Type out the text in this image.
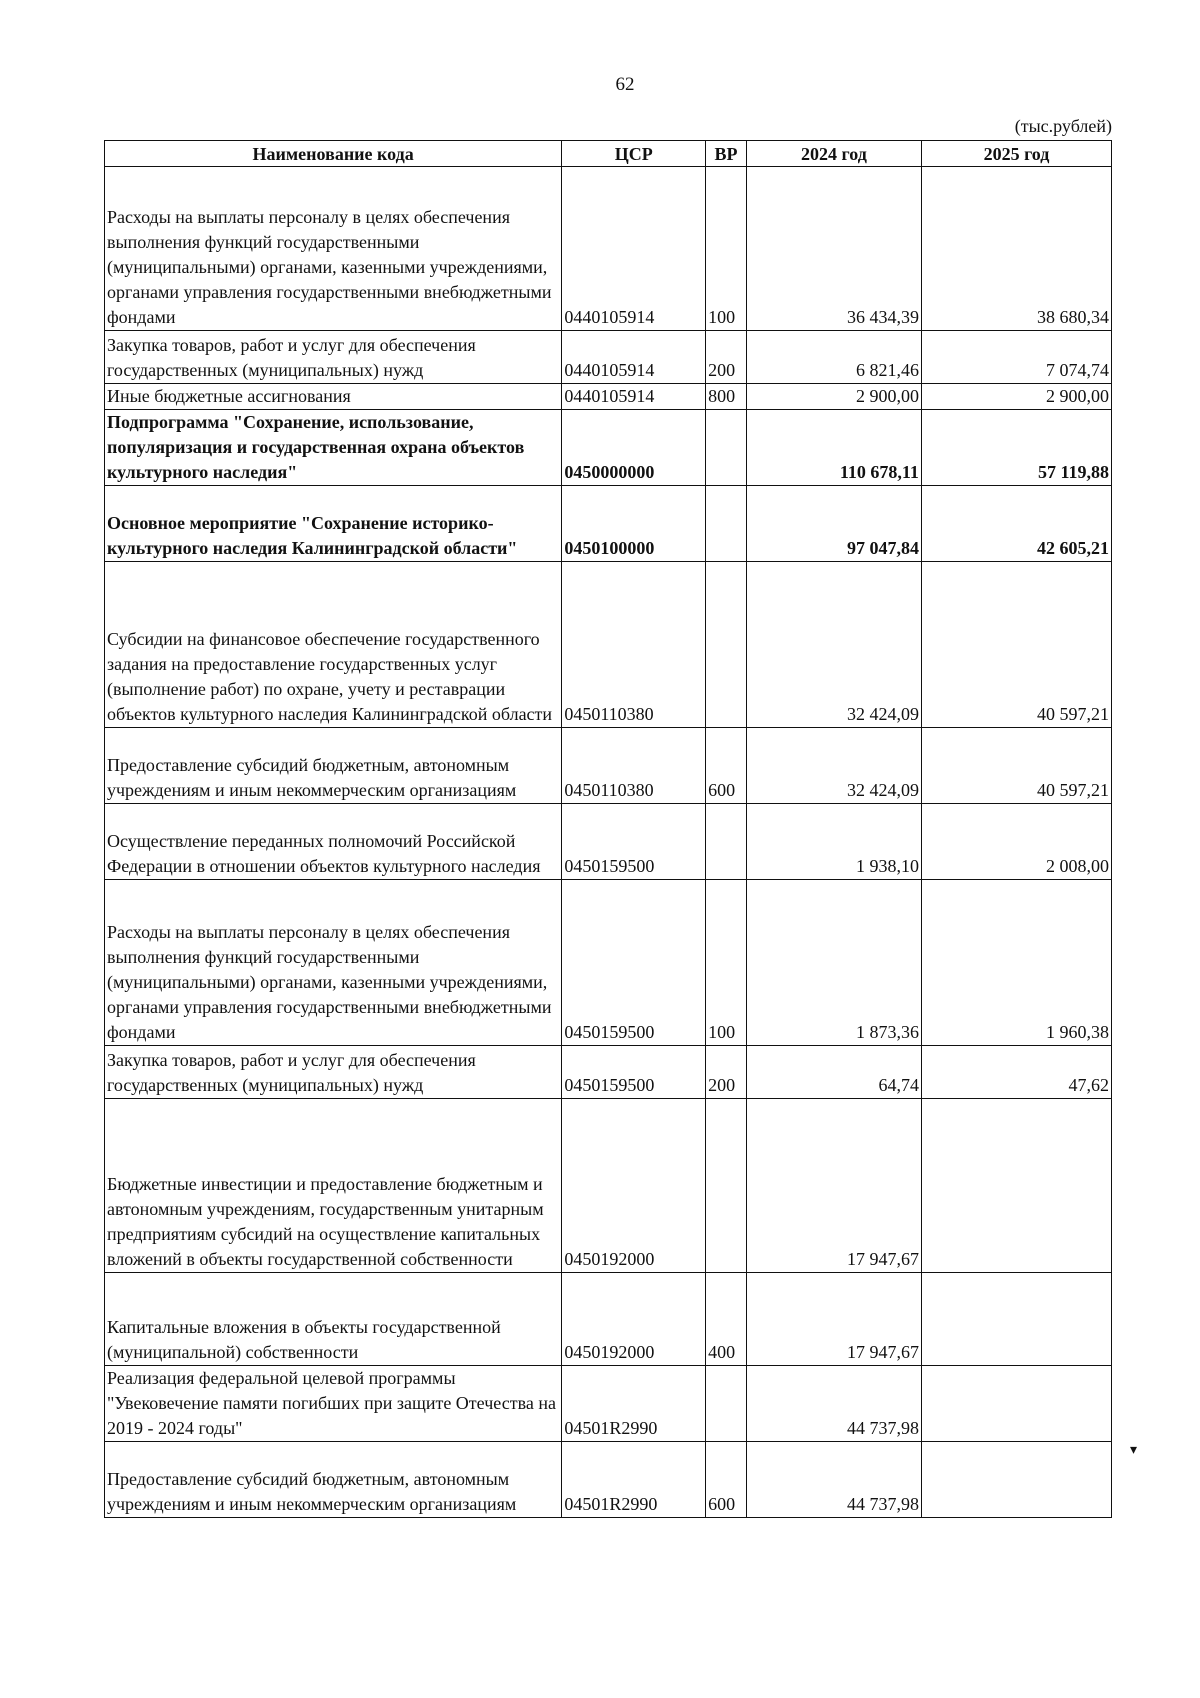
62
(тыс.рублей)
Наименование кода	ЦСР	ВР	2024 год	2025 год
Расходы на выплаты персоналу в целях обеспечения выполнения функций государственными (муниципальными) органами, казенными учреждениями, органами управления государственными внебюджетными фондами	0440105914	100	36 434,39	38 680,34
Закупка товаров, работ и услуг для обеспечения государственных (муниципальных) нужд	0440105914	200	6 821,46	7 074,74
Иные бюджетные ассигнования	0440105914	800	2 900,00	2 900,00
Подпрограмма "Сохранение, использование, популяризация и государственная охрана объектов культурного наследия"	0450000000		110 678,11	57 119,88
Основное мероприятие "Сохранение историко-культурного наследия Калининградской области"	0450100000		97 047,84	42 605,21
Субсидии на финансовое обеспечение государственного задания на предоставление государственных услуг (выполнение работ) по охране, учету и реставрации объектов культурного наследия Калининградской области	0450110380		32 424,09	40 597,21
Предоставление субсидий бюджетным, автономным учреждениям и иным некоммерческим организациям	0450110380	600	32 424,09	40 597,21
Осуществление переданных полномочий Российской Федерации в отношении объектов культурного наследия	0450159500		1 938,10	2 008,00
Расходы на выплаты персоналу в целях обеспечения выполнения функций государственными (муниципальными) органами, казенными учреждениями, органами управления государственными внебюджетными фондами	0450159500	100	1 873,36	1 960,38
Закупка товаров, работ и услуг для обеспечения государственных (муниципальных) нужд	0450159500	200	64,74	47,62
Бюджетные инвестиции и предоставление бюджетным и автономным учреждениям, государственным унитарным предприятиям субсидий на осуществление капитальных вложений в объекты государственной собственности	0450192000		17 947,67	
Капитальные вложения в объекты государственной (муниципальной) собственности	0450192000	400	17 947,67	
Реализация федеральной целевой программы "Увековечение памяти погибших при защите Отечества на 2019 - 2024 годы"	04501R2990		44 737,98	
Предоставление субсидий бюджетным, автономным учреждениям и иным некоммерческим организациям	04501R2990	600	44 737,98	
▾
